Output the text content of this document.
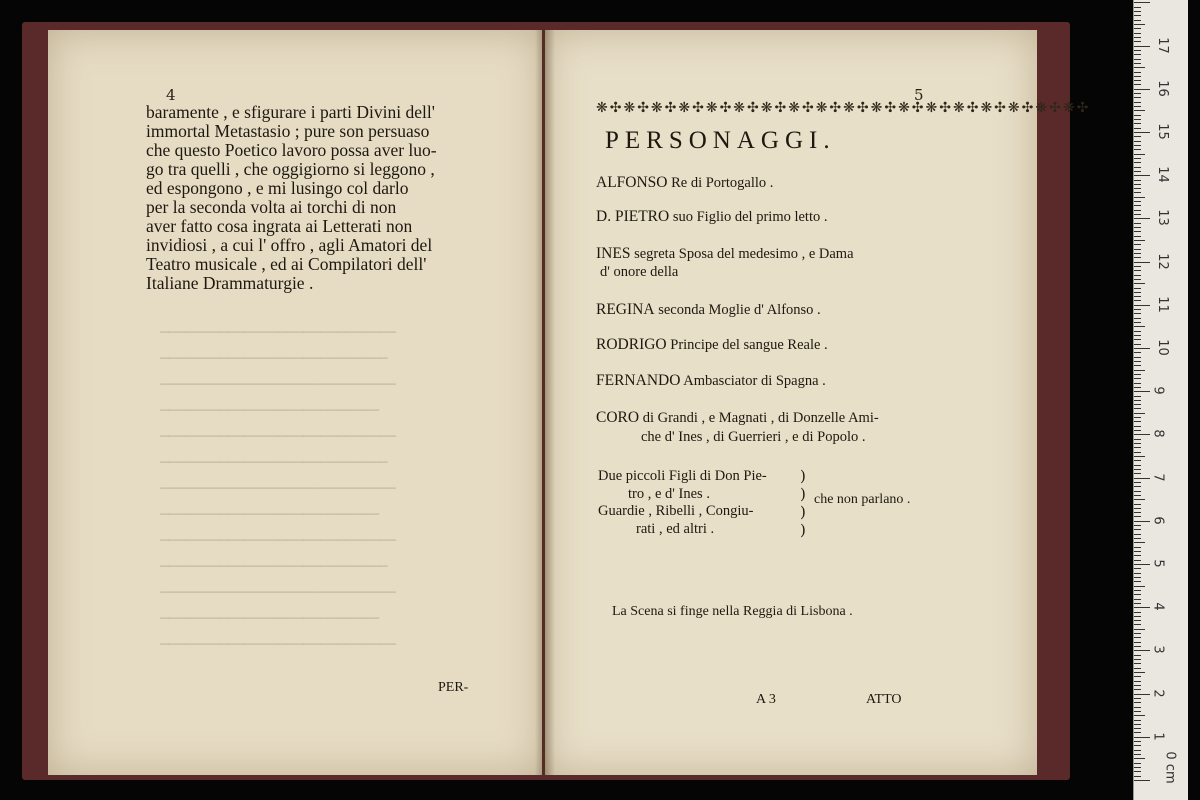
────────────────────────────
───────────────────────────
────────────────────────────
──────────────────────────
────────────────────────────
───────────────────────────
────────────────────────────
──────────────────────────
────────────────────────────
───────────────────────────
────────────────────────────
──────────────────────────
────────────────────────────
4
baramente , e sfigurare i parti Divini dell'
immortal Metastasio ; pure son persuaso
che questo Poetico lavoro possa aver luo-
go tra quelli , che oggigiorno si leggono ,
ed espongono , e mi lusingo col darlo
per la seconda volta ai torchi di non
aver fatto cosa ingrata ai Letterati non
invidiosi , a cui l' offro , agli Amatori del
Teatro musicale , ed ai Compilatori dell'
Italiane Drammaturgie .
PER-
5
❋✣❋✣❋✣❋✣❋✣❋✣❋✣❋✣❋✣❋✣❋✣❋✣❋✣❋✣❋✣❋✣❋✣❋✣
PERSONAGGI.
ALFONSO Re di Portogallo .
D. PIETRO suo Figlio del primo letto .
INES segreta Sposa del medesimo , e Dama
d' onore della
REGINA seconda Moglie d' Alfonso .
RODRIGO Principe del sangue Reale .
FERNANDO Ambasciator di Spagna .
CORO di Grandi , e Magnati , di Donzelle Ami-
che d' Ines , di Guerrieri , e di Popolo .
Due piccoli Figli di Don Pie-
tro , e d' Ines .
Guardie , Ribelli , Congiu-
rati , ed altri .
)
)
)
)
che non parlano .
La Scena si finge nella Reggia di Lisbona .
A 3	ATTO
0 cm
1
2
3
4
5
6
7
8
9
10
11
12
13
14
15
16
17
